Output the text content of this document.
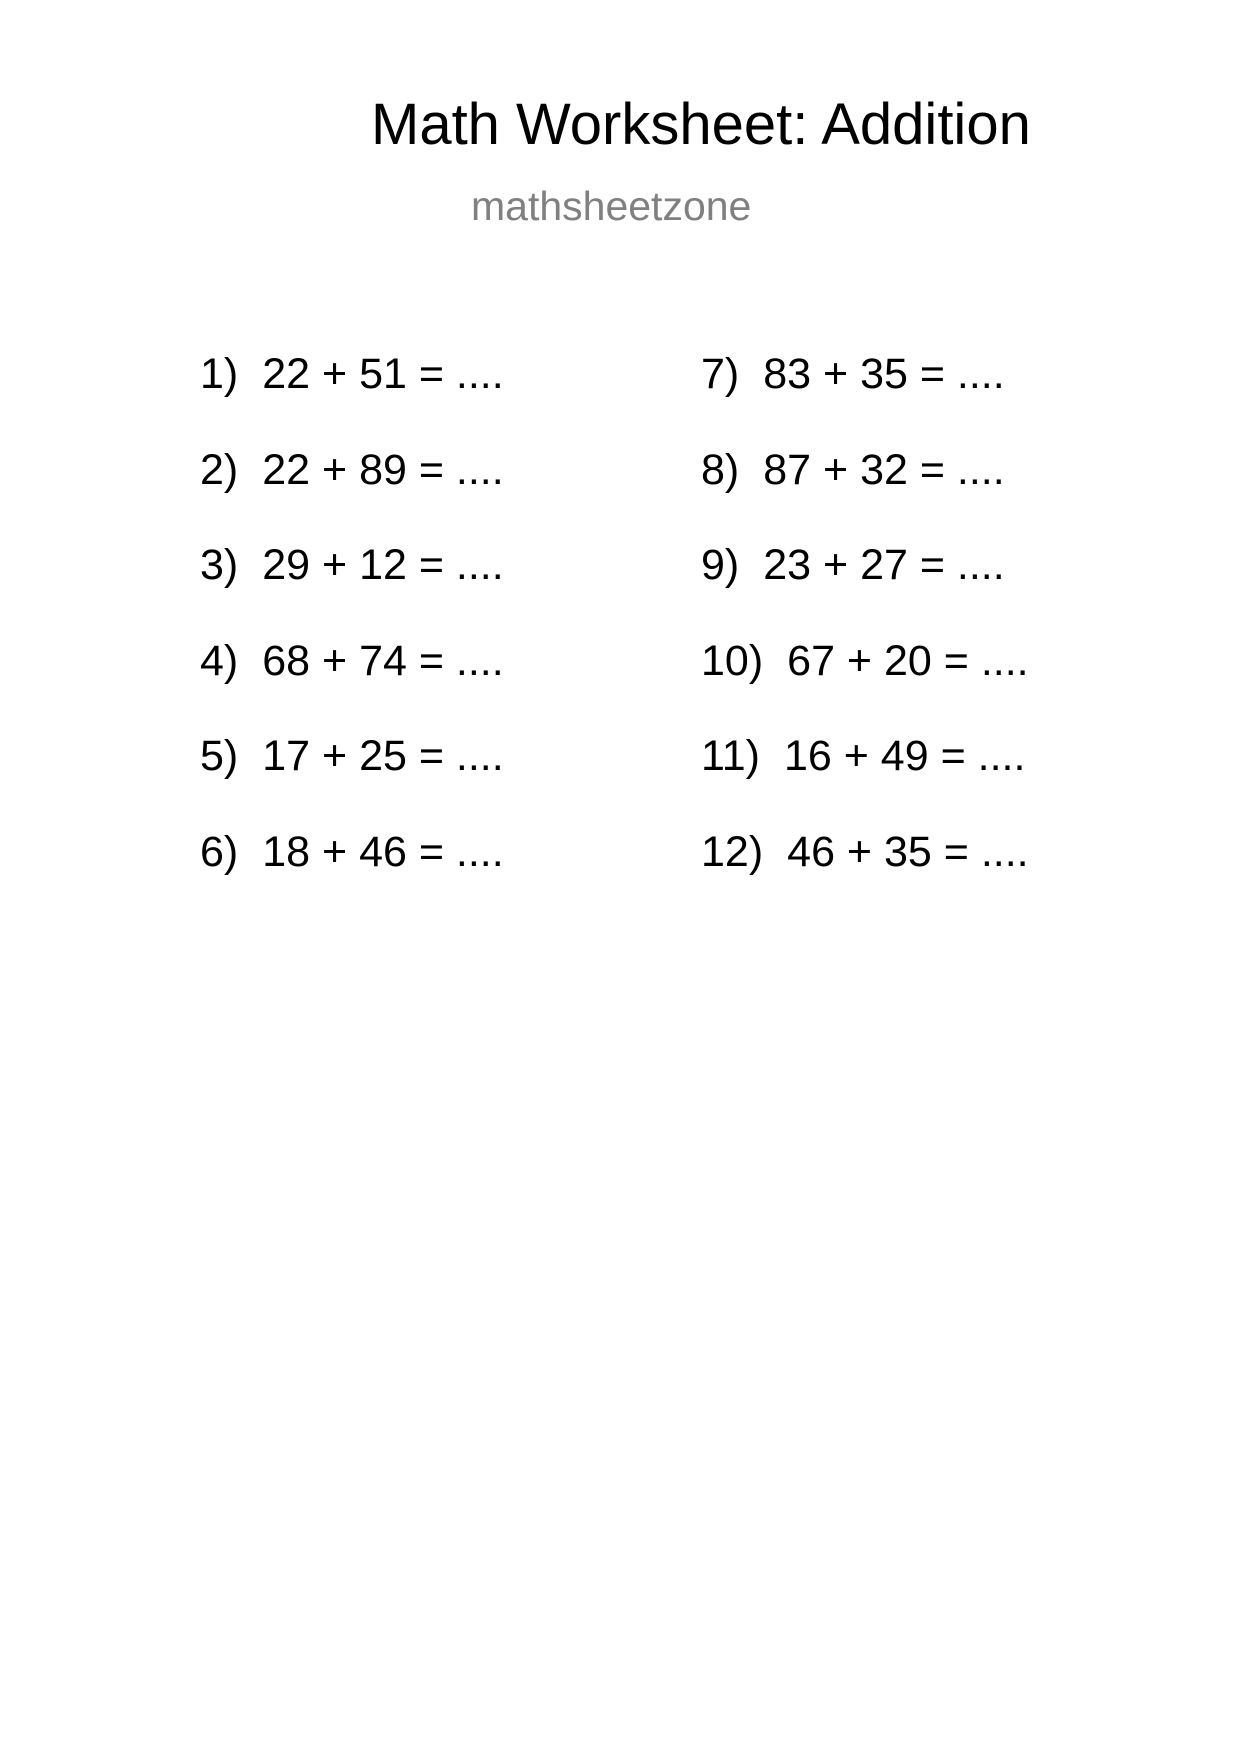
Math Worksheet: Addition
mathsheetzone
1) 22 + 51 = ....
2) 22 + 89 = ....
3) 29 + 12 = ....
4) 68 + 74 = ....
5) 17 + 25 = ....
6) 18 + 46 = ....
7) 83 + 35 = ....
8) 87 + 32 = ....
9) 23 + 27 = ....
10) 67 + 20 = ....
11) 16 + 49 = ....
12) 46 + 35 = ....
